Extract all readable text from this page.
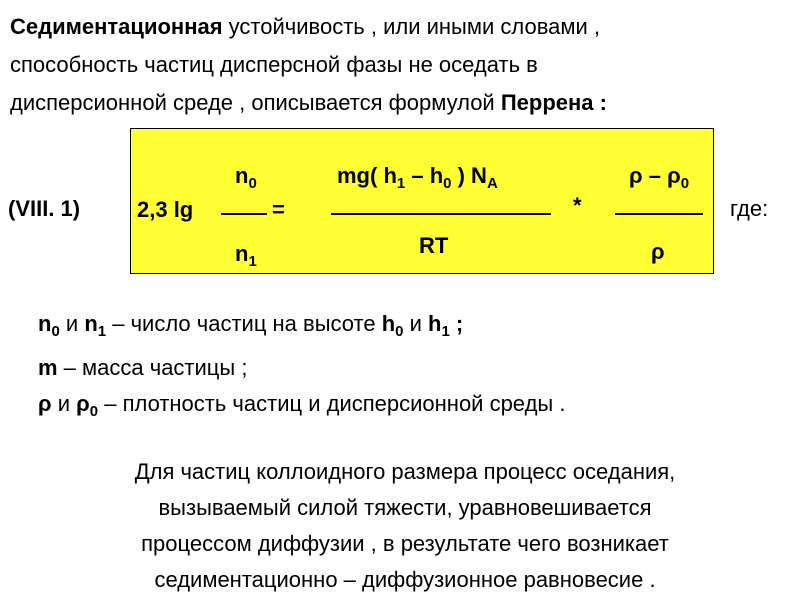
Седиментационная устойчивость , или иными словами ,
способность частиц дисперсной фазы не оседать в
дисперсионной среде , описывается формулой Перрена :
(VIII. 1)	2,3 lg
$n_0$
=
$n_1$
mg( $h_1 - h_0$ ) $N_A$
RT
*
ρ – $\rho_0$
ρ
где:
$n_0$ и $n_1$ – число частиц на высоте $h_0$ и $h_1$ ;
m – масса частицы ;
ρ и $\rho_0$ – плотность частиц и дисперсионной среды .
Для частиц коллоидного размера процесс оседания,
вызываемый силой тяжести, уравновешивается
процессом диффузии , в результате чего возникает
седиментационно – диффузионное равновесие .
